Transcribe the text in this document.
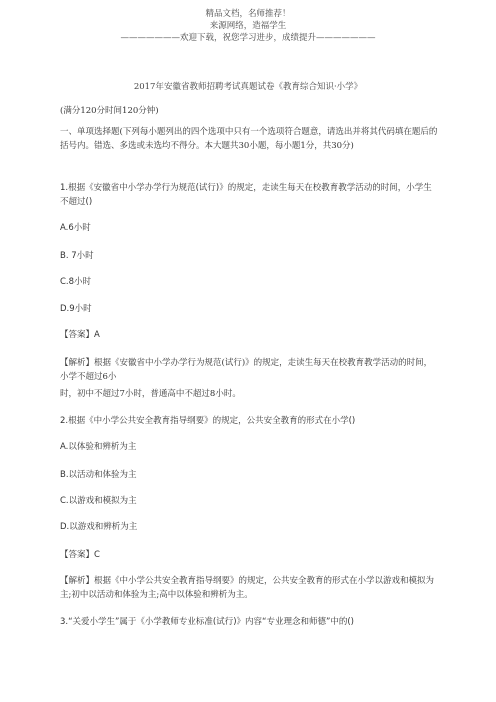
精品文档，名师推荐！
来源网络，造福学生
———————欢迎下载，祝您学习进步，成绩提升———————
2017年安徽省教师招聘考试真题试卷《教育综合知识·小学》
(满分120分时间120分钟)
一、单项选择题(下列每小题列出的四个选项中只有一个选项符合题意，请选出并将其代码填在题后的括号内。错选、多选或未选均不得分。本大题共30小题，每小题1分，共30分)
1.根据《安徽省中小学办学行为规范(试行)》的规定，走读生每天在校教育教学活动的时间，小学生不超过()
A.6小时
B. 7小时
C.8小时
D.9小时
【答案】A
【解析】根据《安徽省中小学办学行为规范(试行)》的规定，走读生每天在校教育教学活动的时间，小学不超过6小
时，初中不超过7小时，普通高中不超过8小时。
2.根据《中小学公共安全教育指导纲要》的规定，公共安全教育的形式在小学()
A.以体验和辨析为主
B.以活动和体验为主
C.以游戏和模拟为主
D.以游戏和辨析为主
【答案】C
【解析】根据《中小学公共安全教育指导纲要》的规定，公共安全教育的形式在小学以游戏和模拟为主;初中以活动和体验为主;高中以体验和辨析为主。
3.“关爱小学生”属于《小学教师专业标准(试行)》内容“专业理念和师德”中的()
